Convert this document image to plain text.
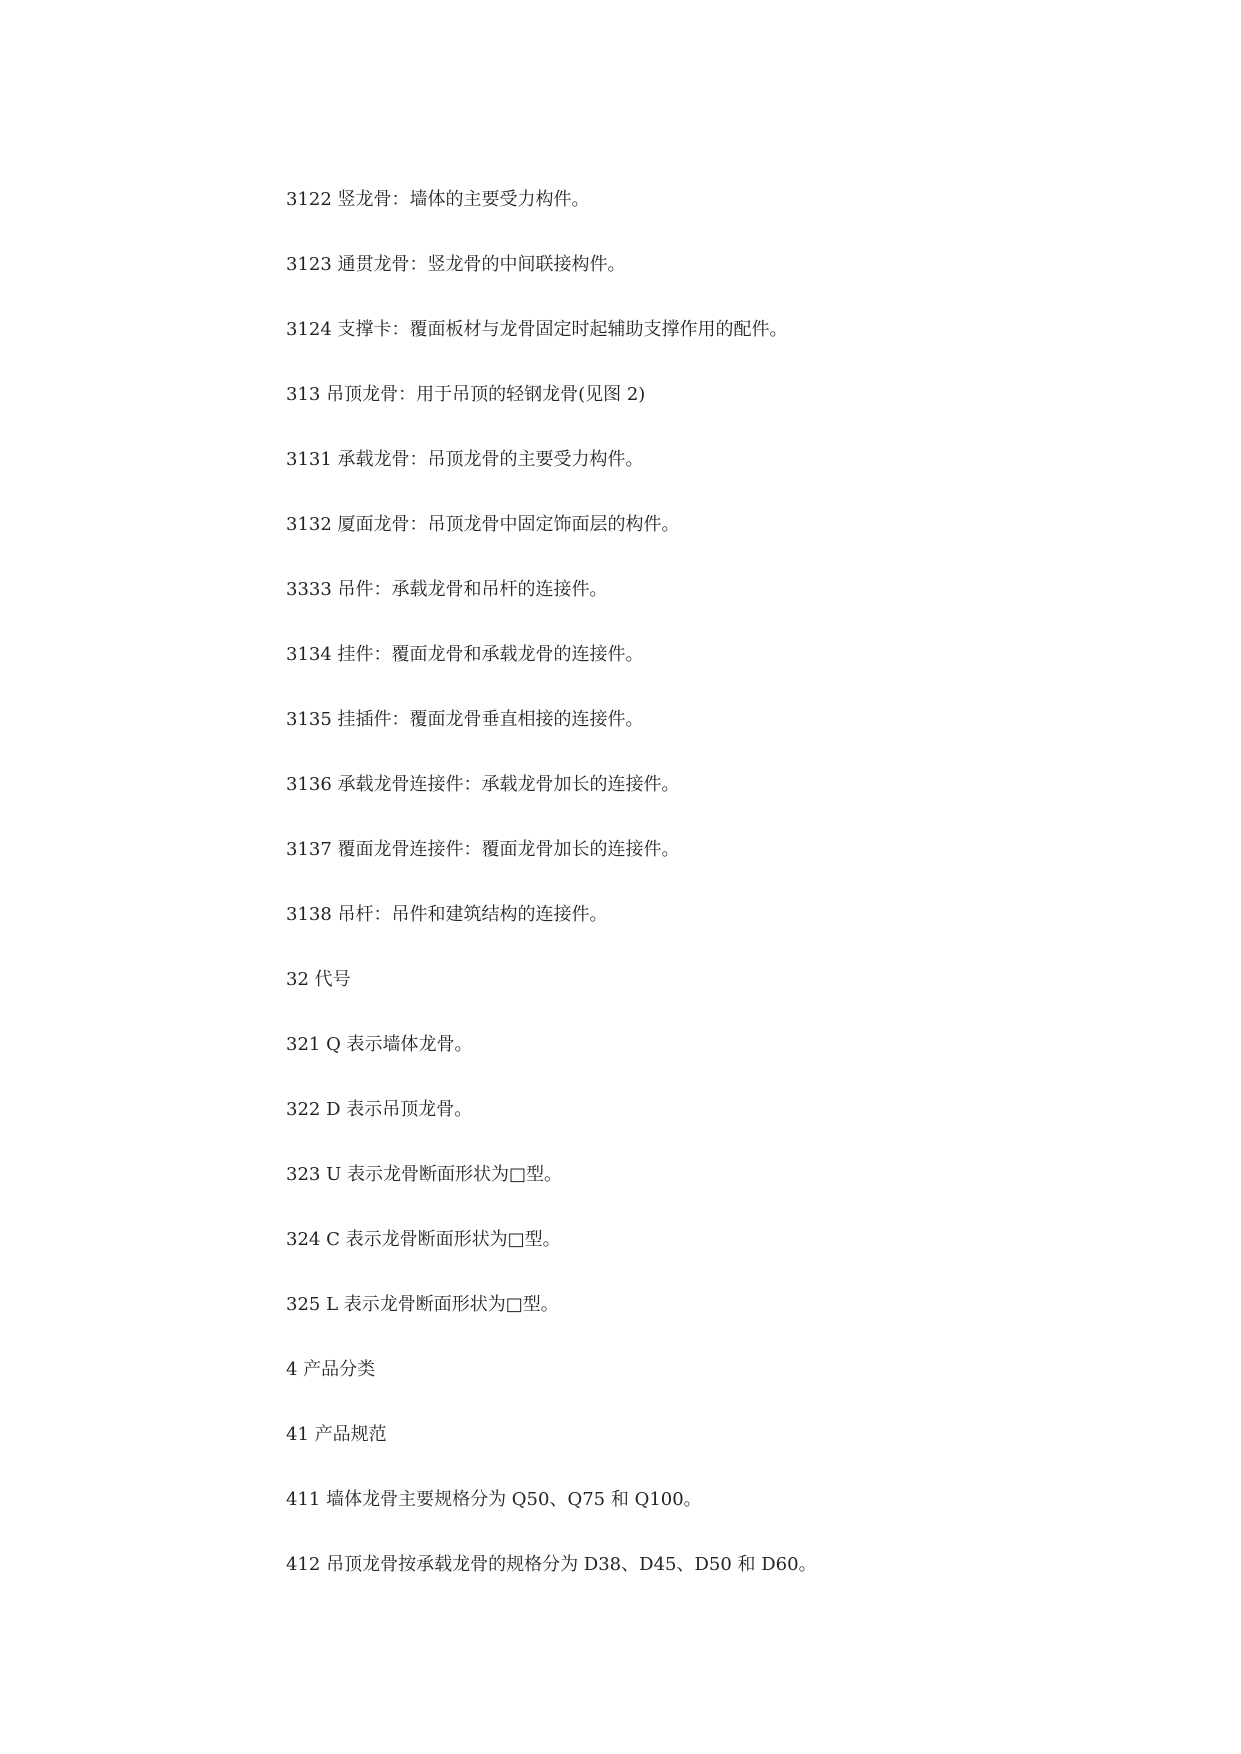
3122 竖龙骨：墙体的主要受力构件。
3123 通贯龙骨：竖龙骨的中间联接构件。
3124 支撑卡：覆面板材与龙骨固定时起辅助支撑作用的配件。
313 吊顶龙骨：用于吊顶的轻钢龙骨(见图 2)
3131 承载龙骨：吊顶龙骨的主要受力构件。
3132 厦面龙骨：吊顶龙骨中固定饰面层的构件。
3333 吊件：承载龙骨和吊杆的连接件。
3134 挂件：覆面龙骨和承载龙骨的连接件。
3135 挂插件：覆面龙骨垂直相接的连接件。
3136 承载龙骨连接件：承载龙骨加长的连接件。
3137 覆面龙骨连接件：覆面龙骨加长的连接件。
3138 吊杆：吊件和建筑结构的连接件。
32 代号
321 Q 表示墙体龙骨。
322 D 表示吊顶龙骨。
323 U 表示龙骨断面形状为□型。
324 C 表示龙骨断面形状为□型。
325 L 表示龙骨断面形状为□型。
4 产品分类
41 产品规范
411 墙体龙骨主要规格分为 Q50、Q75 和 Q100。
412 吊顶龙骨按承载龙骨的规格分为 D38、D45、D50 和 D60。
